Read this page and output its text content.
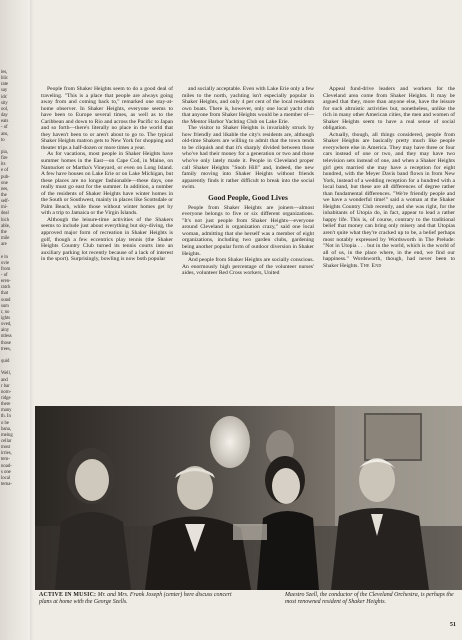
ies,
blic
rate
say
ids'
sity
ool,
day
eats
- of
ans,
to
pia,
fire
its
e of
pub-
one
nes,
the
self-
mi-
deal
hich
able,
the
mile
are
e in
ovie
from
- of
eren-
ratch
that
ound
sum
r, no
ights
oved,
ainy
ntless
those
trees,
quid
Well,
and
r bar
norn-
ridge
there
many
th. In
o be
bana,
meing
cellar
most
irries,
tern-
noad-
s one
local
terna-

People from Shaker Heights seem to do a good deal of traveling. "This is a place that people are always going away from and coming back to," remarked one stay-at-home observer. In Shaker Heights, everyone seems to have been to Europe several times, as well as to the Caribbean and down to Rio and across the Pacific to Japan and so forth—there's literally no place in the world that they haven't been to or aren't about to go to. The typical Shaker Heights matron gets to New York for shopping and theater trips a half-dozen or more times a year.

As for vacations, most people in Shaker Heights have summer homes in the East—on Cape Cod, in Maine, on Nantucket or Martha's Vineyard, or even on Long Island. A few have houses on Lake Erie or on Lake Michigan, but these places are no longer fashionable—these days, one really must go east for the summer. In addition, a number of the residents of Shaker Heights have winter homes in the South or Southwest, mainly in places like Scottsdale or Palm Beach, while those without winter homes get by with a trip to Jamaica or the Virgin Islands.

Although the leisure-time activities of the Shakers seems to include just about everything but sky-diving, the approved major form of recreation in Shaker Heights is golf, though a few eccentrics play tennis (the Shaker Heights Country Club turned its tennis courts into an auxiliary parking lot recently because of a lack of interest in the sport). Surprisingly, bowling is now both popular

and socially acceptable. Even with Lake Erie only a few miles to the north, yachting isn't especially popular in Shaker Heights, and only 4 per cent of the local residents own boats. There is, however, only one local yacht club that anyone from Shaker Heights would be a member of—the Mentor Harbor Yachting Club on Lake Erie.

The visitor to Shaker Heights is invariably struck by how friendly and likable the city's residents are, although old-time Shakers are willing to admit that the town tends to be cliquish and that it's sharply divided between those who've had their money for a generation or two and those who've only lately made it. People in Cleveland proper call Shaker Heights "Snob Hill" and, indeed, the new family moving into Shaker Heights without friends apparently finds it rather difficult to break into the social swim.

Good People, Good Lives

People from Shaker Heights are joiners—almost everyone belongs to five or six different organizations. "It's not just people from Shaker Heights—everyone around Cleveland is organization crazy," said one local woman, admitting that she herself was a member of eight organizations, including two garden clubs, gardening being another popular form of outdoor diversion in Shaker Heights.

And people from Shaker Heights are socially conscious. An enormously high percentage of the volunteer nurses' aides, volunteer Red Cross workers, United

Appeal fund-drive leaders and workers for the Cleveland area come from Shaker Heights. It may be argued that they, more than anyone else, have the leisure for such altruistic activities but, nonetheless, unlike the rich in many other American cities, the men and women of Shaker Heights seem to have a real sense of social obligation.

Actually, though, all things considered, people from Shaker Heights are basically pretty much like people everywhere else in America. They may have three or four cars instead of one or two, and they may have two television sets instead of one, and when a Shaker Heights girl gets married she may have a reception for eight hundred, with the Meyer Davis band flown in from New York, instead of a wedding reception for a hundred with a local band, but these are all differences of degree rather than fundamental differences. "We're friendly people and we have a wonderful time!" said a woman at the Shaker Heights Country Club recently, and she was right, for the inhabitants of Utopia do, in fact, appear to lead a rather happy life. This is, of course, contrary to the traditional belief that money can bring only misery and that Utopias aren't quite what they're cracked up to be, a belief perhaps most notably expressed by Wordsworth in The Prelude: "Not in Utopia . . . but in the world, which is the world of all of us, in the place where, in the end, we find our happiness." Wordsworth, though, had never been to Shaker Heights. The End

ACTIVE IN MUSIC: Mr. and Mrs. Frank Joseph (center) here discuss concert plans at home with the George Szells.
Maestro Szell, the conductor of the Cleveland Orchestra, is perhaps the most renowned resident of Shaker Heights.
51
